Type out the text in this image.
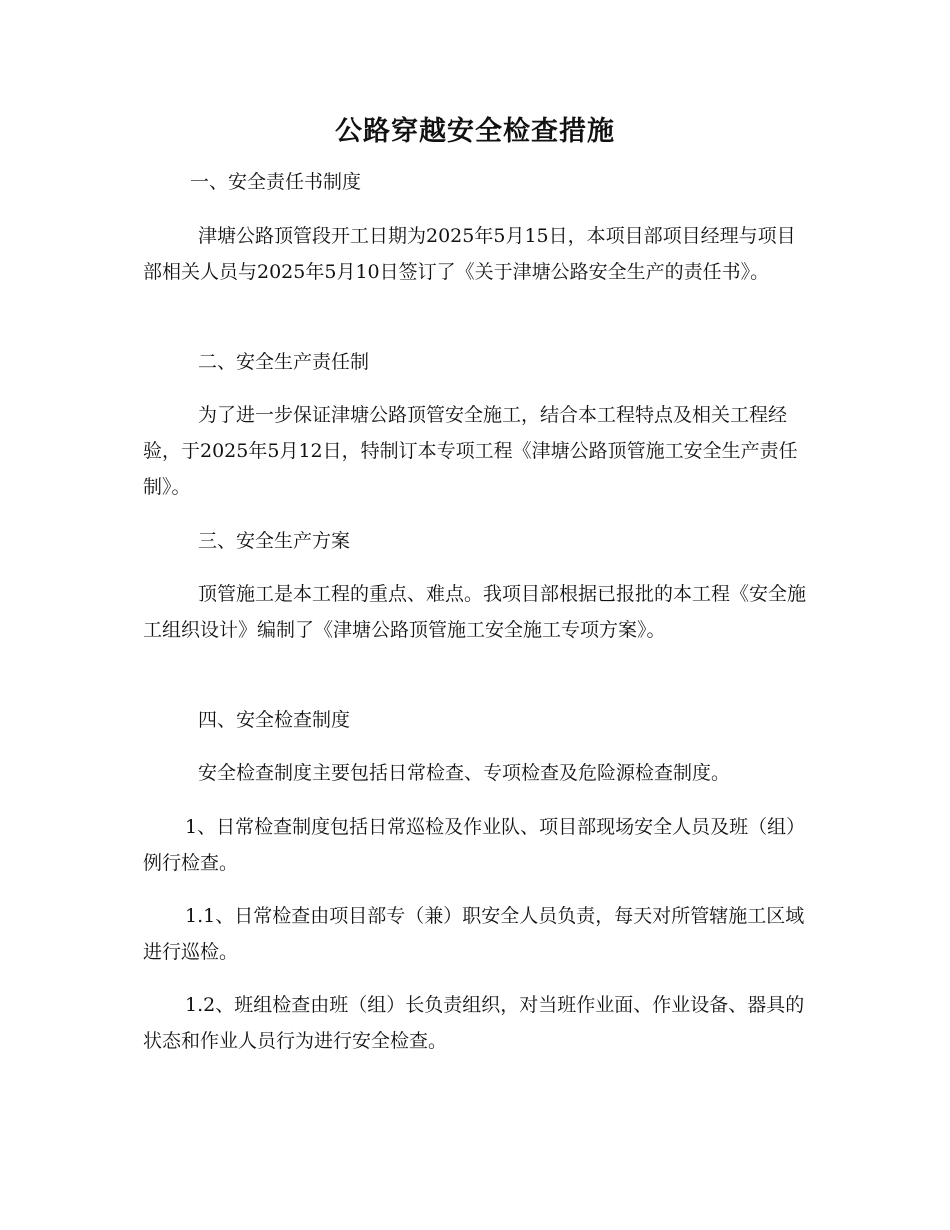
公路穿越安全检查措施

一、安全责任书制度

津塘公路顶管段开工日期为2025年5月15日，本项目部项目经理与项目部相关人员与2025年5月10日签订了《关于津塘公路安全生产的责任书》。

二、安全生产责任制

为了进一步保证津塘公路顶管安全施工，结合本工程特点及相关工程经验，于2025年5月12日，特制订本专项工程《津塘公路顶管施工安全生产责任制》。

三、安全生产方案

顶管施工是本工程的重点、难点。我项目部根据已报批的本工程《安全施工组织设计》编制了《津塘公路顶管施工安全施工专项方案》。

四、安全检查制度

安全检查制度主要包括日常检查、专项检查及危险源检查制度。

1、日常检查制度包括日常巡检及作业队、项目部现场安全人员及班（组）例行检查。

1.1、日常检查由项目部专（兼）职安全人员负责，每天对所管辖施工区域进行巡检。

1.2、班组检查由班（组）长负责组织，对当班作业面、作业设备、器具的状态和作业人员行为进行安全检查。
